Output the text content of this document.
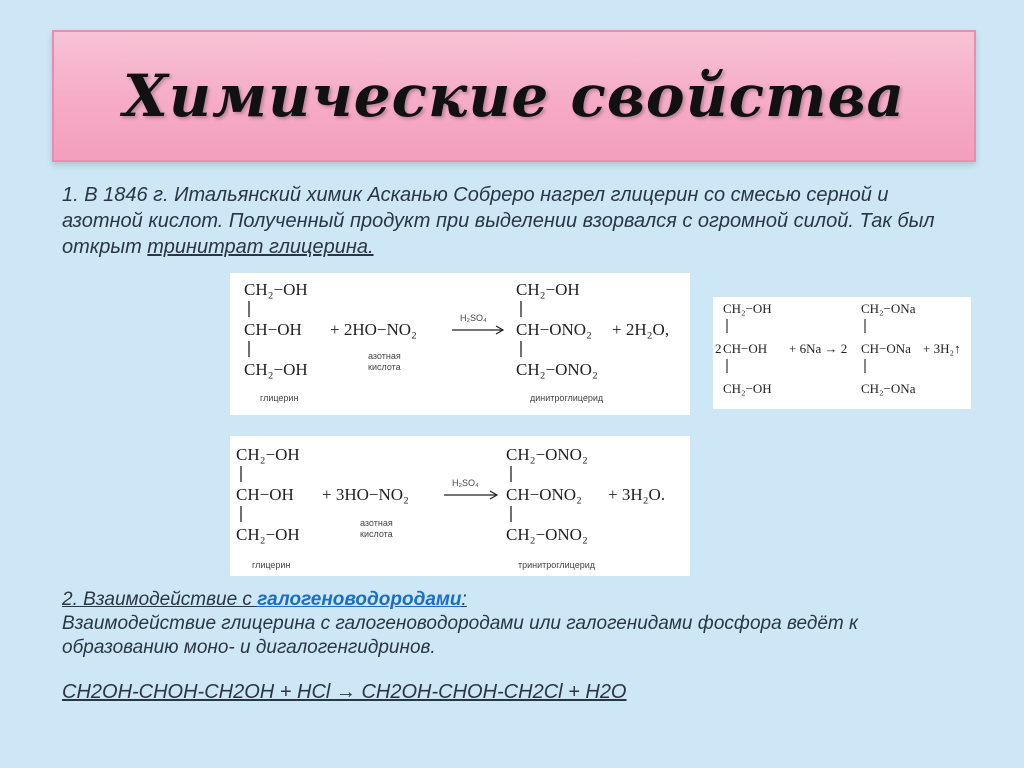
Химические свойства
1. В 1846 г. Итальянский химик Асканью Собреро нагрел глицерин со смесью серной и азотной кислот. Полученный продукт при выделении взорвался с огромной силой. Так был открыт тринитрат глицерина.
CH₂−OH
CH−OH
CH₂−OH
+ 2HO−NO₂
H₂SO₄
CH₂−OH
CH−ONO₂
CH₂−ONO₂
+ 2H₂O,
глицерин
азотная
кислота
динитроглицерид
CH₂−OH
CH−OH
CH₂−OH
+ 3HO−NO₂
H₂SO₄
CH₂−ONO₂
CH−ONO₂
CH₂−ONO₂
+ 3H₂O.
глицерин
азотная
кислота
тринитроглицерид
CH₂−OH
2 CH−OH
CH₂−OH
+ 6Na → 2
CH₂−ONa
CH−ONa
CH₂−ONa
+ 3H₂↑
2. Взаимодействие с галогеноводородами:
Взаимодействие глицерина с галогеноводородами или галогенидами фосфора ведёт к образованию моно- и дигалогенгидринов.
CH2OH-CHOH-CH2OH + HCl → CH2OH-CHOH-CH2Cl + H2O
